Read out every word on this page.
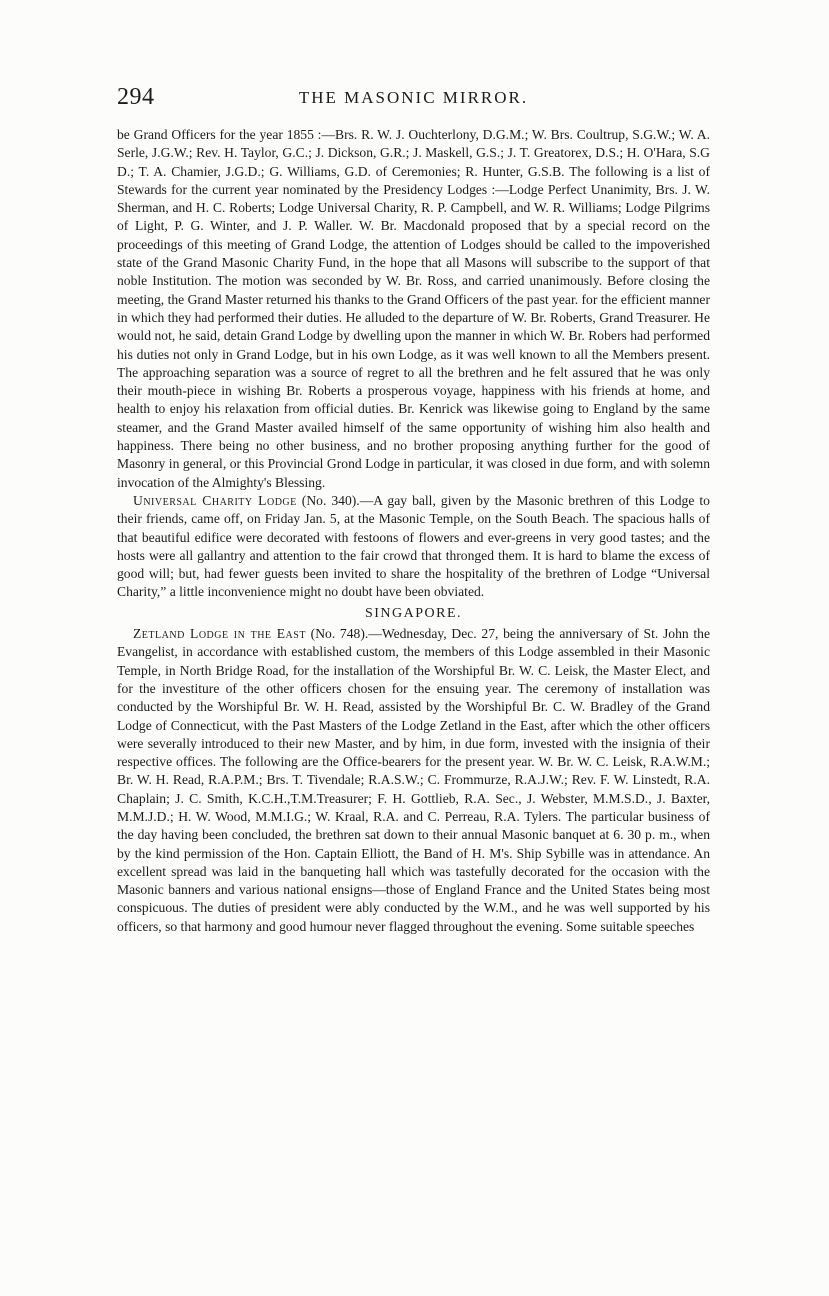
294	THE MASONIC MIRROR.

be Grand Officers for the year 1855 :—Brs. R. W. J. Ouchterlony, D.G.M.; W. Brs. Coultrup, S.G.W.; W. A. Serle, J.G.W.; Rev. H. Taylor, G.C.; J. Dickson, G.R.; J. Maskell, G.S.; J. T. Greatorex, D.S.; H. O'Hara, S.G D.; T. A. Chamier, J.G.D.; G. Williams, G.D. of Ceremonies; R. Hunter, G.S.B. The following is a list of Stewards for the current year nominated by the Presidency Lodges :—Lodge Perfect Unanimity, Brs. J. W. Sherman, and H. C. Roberts; Lodge Universal Charity, R. P. Campbell, and W. R. Williams; Lodge Pilgrims of Light, P. G. Winter, and J. P. Waller. W. Br. Macdonald proposed that by a special record on the proceedings of this meeting of Grand Lodge, the attention of Lodges should be called to the impoverished state of the Grand Masonic Charity Fund, in the hope that all Masons will subscribe to the support of that noble Institution. The motion was seconded by W. Br. Ross, and carried unanimously. Before closing the meeting, the Grand Master returned his thanks to the Grand Officers of the past year. for the efficient manner in which they had performed their duties. He alluded to the departure of W. Br. Roberts, Grand Treasurer. He would not, he said, detain Grand Lodge by dwelling upon the manner in which W. Br. Robers had performed his duties not only in Grand Lodge, but in his own Lodge, as it was well known to all the Members present. The approaching separation was a source of regret to all the brethren and he felt assured that he was only their mouth-piece in wishing Br. Roberts a prosperous voyage, happiness with his friends at home, and health to enjoy his relaxation from official duties. Br. Kenrick was likewise going to England by the same steamer, and the Grand Master availed himself of the same opportunity of wishing him also health and happiness. There being no other business, and no brother proposing anything further for the good of Masonry in general, or this Provincial Grond Lodge in particular, it was closed in due form, and with solemn invocation of the Almighty's Blessing.

Universal Charity Lodge (No. 340).—A gay ball, given by the Masonic brethren of this Lodge to their friends, came off, on Friday Jan. 5, at the Masonic Temple, on the South Beach. The spacious halls of that beautiful edifice were decorated with festoons of flowers and ever-greens in very good tastes; and the hosts were all gallantry and attention to the fair crowd that thronged them. It is hard to blame the excess of good will; but, had fewer guests been invited to share the hospitality of the brethren of Lodge “Universal Charity,” a little inconvenience might no doubt have been obviated.

SINGAPORE.

Zetland Lodge in the East (No. 748).—Wednesday, Dec. 27, being the anniversary of St. John the Evangelist, in accordance with established custom, the members of this Lodge assembled in their Masonic Temple, in North Bridge Road, for the installation of the Worshipful Br. W. C. Leisk, the Master Elect, and for the investiture of the other officers chosen for the ensuing year. The ceremony of installation was conducted by the Worshipful Br. W. H. Read, assisted by the Worshipful Br. C. W. Bradley of the Grand Lodge of Connecticut, with the Past Masters of the Lodge Zetland in the East, after which the other officers were severally introduced to their new Master, and by him, in due form, invested with the insignia of their respective offices. The following are the Office-bearers for the present year. W. Br. W. C. Leisk, R.A.W.M.; Br. W. H. Read, R.A.P.M.; Brs. T. Tivendale; R.A.S.W.; C. Frommurze, R.A.J.W.; Rev. F. W. Linstedt, R.A. Chaplain; J. C. Smith, K.C.H.,T.M.Treasurer; F. H. Gottlieb, R.A. Sec., J. Webster, M.M.S.D., J. Baxter, M.M.J.D.; H. W. Wood, M.M.I.G.; W. Kraal, R.A. and C. Perreau, R.A. Tylers. The particular business of the day having been concluded, the brethren sat down to their annual Masonic banquet at 6. 30 p. m., when by the kind permission of the Hon. Captain Elliott, the Band of H. M's. Ship Sybille was in attendance. An excellent spread was laid in the banqueting hall which was tastefully decorated for the occasion with the Masonic banners and various national ensigns—those of England France and the United States being most conspicuous. The duties of president were ably conducted by the W.M., and he was well supported by his officers, so that harmony and good humour never flagged throughout the evening. Some suitable speeches
